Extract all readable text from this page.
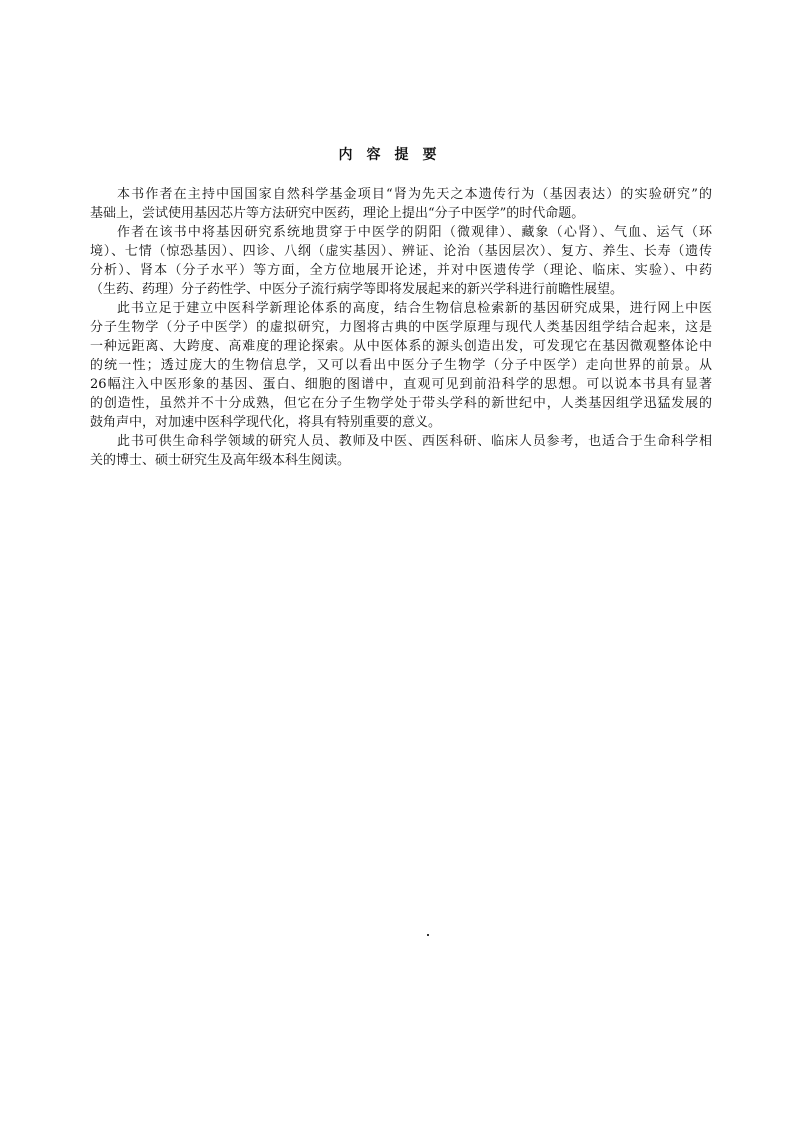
内容提要
本书作者在主持中国国家自然科学基金项目“肾为先天之本遗传行为（基因表达）的实验研究”的
基础上，尝试使用基因芯片等方法研究中医药，理论上提出“分子中医学”的时代命题。
作者在该书中将基因研究系统地贯穿于中医学的阴阳（微观律）、藏象（心肾）、气血、运气（环
境）、七情（惊恐基因）、四诊、八纲（虚实基因）、辨证、论治（基因层次）、复方、养生、长寿（遗传
分析）、肾本（分子水平）等方面，全方位地展开论述，并对中医遗传学（理论、临床、实验）、中药
（生药、药理）分子药性学、中医分子流行病学等即将发展起来的新兴学科进行前瞻性展望。
此书立足于建立中医科学新理论体系的高度，结合生物信息检索新的基因研究成果，进行网上中医
分子生物学（分子中医学）的虚拟研究，力图将古典的中医学原理与现代人类基因组学结合起来，这是
一种远距离、大跨度、高难度的理论探索。从中医体系的源头创造出发，可发现它在基因微观整体论中
的统一性；透过庞大的生物信息学，又可以看出中医分子生物学（分子中医学）走向世界的前景。从
26幅注入中医形象的基因、蛋白、细胞的图谱中，直观可见到前沿科学的思想。可以说本书具有显著
的创造性，虽然并不十分成熟，但它在分子生物学处于带头学科的新世纪中，人类基因组学迅猛发展的
鼓角声中，对加速中医科学现代化，将具有特别重要的意义。
此书可供生命科学领域的研究人员、教师及中医、西医科研、临床人员参考，也适合于生命科学相
关的博士、硕士研究生及高年级本科生阅读。
